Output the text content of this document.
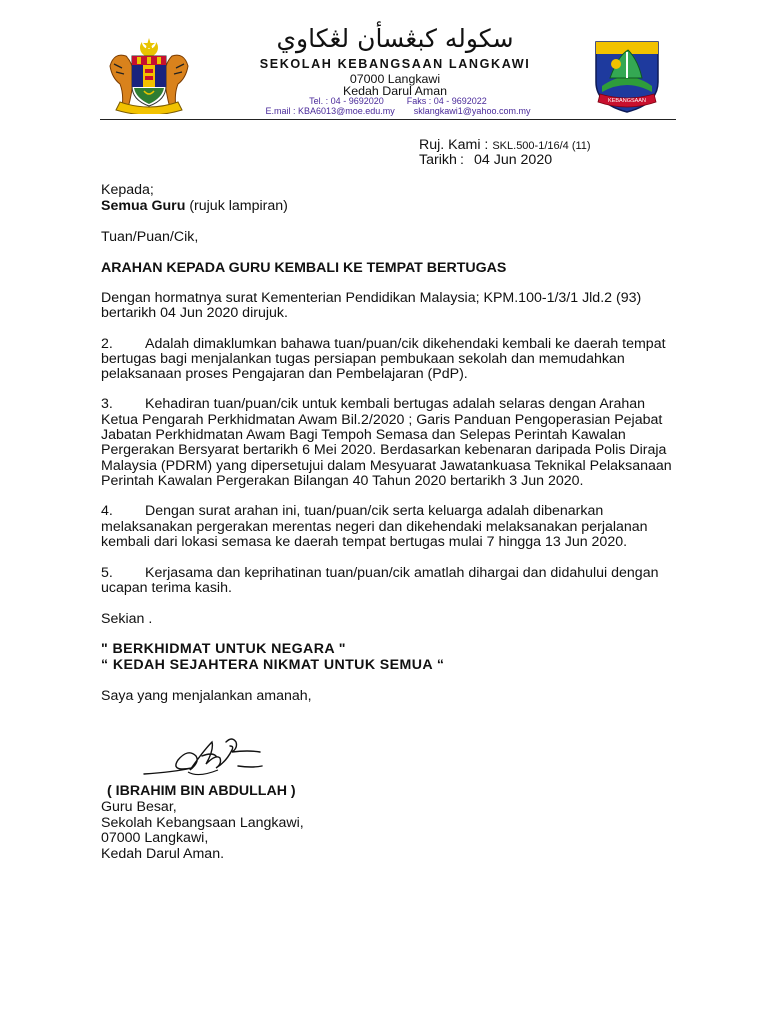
سكوله كبڠسأن لڠكاوي
SEKOLAH KEBANGSAAN LANGKAWI
07000 Langkawi
Kedah Darul Aman
Tel. : 04 - 9692020	Faks : 04 - 9692022
E.mail : KBA6013@moe.edu.my sklangkawi1@yahoo.com.my
KEBANGSAAN
Ruj. Kami : SKL.500-1/16/4 (11)
Tarikh : 04 Jun 2020
Kepada;
Semua Guru (rujuk lampiran)
Tuan/Puan/Cik,
ARAHAN KEPADA GURU KEMBALI KE TEMPAT BERTUGAS
Dengan hormatnya surat Kementerian Pendidikan Malaysia; KPM.100-1/3/1 Jld.2 (93)
bertarikh 04 Jun 2020 dirujuk.
2. Adalah dimaklumkan bahawa tuan/puan/cik dikehendaki kembali ke daerah tempat
bertugas bagi menjalankan tugas persiapan pembukaan sekolah dan memudahkan
pelaksanaan proses Pengajaran dan Pembelajaran (PdP).
3. Kehadiran tuan/puan/cik untuk kembali bertugas adalah selaras dengan Arahan
Ketua Pengarah Perkhidmatan Awam Bil.2/2020 ; Garis Panduan Pengoperasian Pejabat
Jabatan Perkhidmatan Awam Bagi Tempoh Semasa dan Selepas Perintah Kawalan
Pergerakan Bersyarat bertarikh 6 Mei 2020. Berdasarkan kebenaran daripada Polis Diraja
Malaysia (PDRM) yang dipersetujui dalam Mesyuarat Jawatankuasa Teknikal Pelaksanaan
Perintah Kawalan Pergerakan Bilangan 40 Tahun 2020 bertarikh 3 Jun 2020.
4. Dengan surat arahan ini, tuan/puan/cik serta keluarga adalah dibenarkan
melaksanakan pergerakan merentas negeri dan dikehendaki melaksanakan perjalanan
kembali dari lokasi semasa ke daerah tempat bertugas mulai 7 hingga 13 Jun 2020.
5. Kerjasama dan keprihatinan tuan/puan/cik amatlah dihargai dan didahului dengan
ucapan terima kasih.
Sekian .
" BERKHIDMAT UNTUK NEGARA "
“ KEDAH SEJAHTERA NIKMAT UNTUK SEMUA “
Saya yang menjalankan amanah,
( IBRAHIM BIN ABDULLAH )
Guru Besar,
Sekolah Kebangsaan Langkawi,
07000 Langkawi,
Kedah Darul Aman.
